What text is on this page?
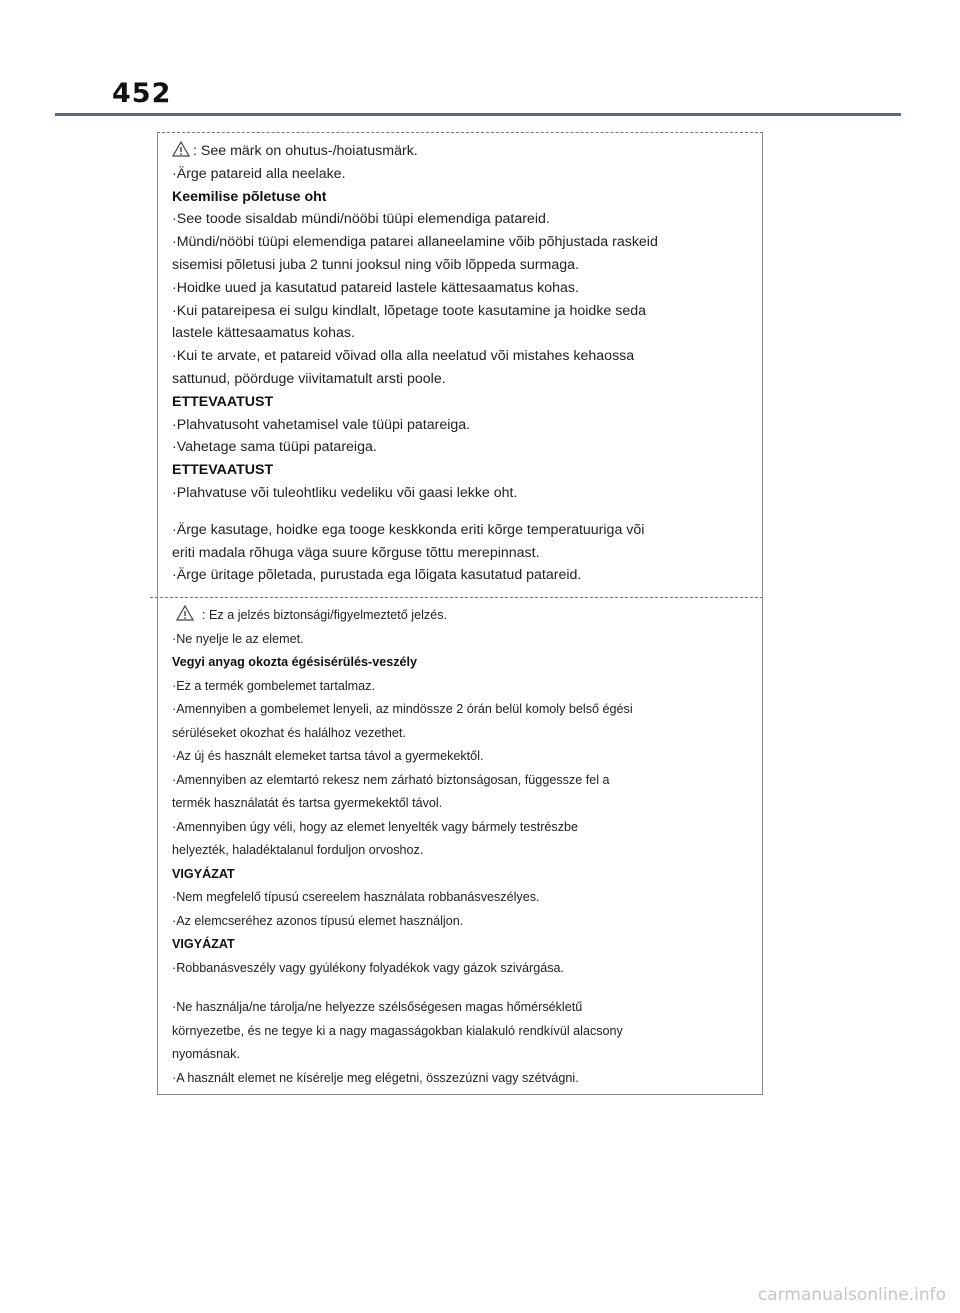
452
: See märk on ohutus-/hoiatusmärk.
·Ärge patareid alla neelake.
Keemilise põletuse oht
·See toode sisaldab mündi/nööbi tüüpi elemendiga patareid.
·Mündi/nööbi tüüpi elemendiga patarei allaneelamine võib põhjustada raskeid
sisemisi põletusi juba 2 tunni jooksul ning võib lõppeda surmaga.
·Hoidke uued ja kasutatud patareid lastele kättesaamatus kohas.
·Kui patareipesa ei sulgu kindlalt, lõpetage toote kasutamine ja hoidke seda
lastele kättesaamatus kohas.
·Kui te arvate, et patareid võivad olla alla neelatud või mistahes kehaossa
sattunud, pöörduge viivitamatult arsti poole.
ETTEVAATUST
·Plahvatusoht vahetamisel vale tüüpi patareiga.
·Vahetage sama tüüpi patareiga.
ETTEVAATUST
·Plahvatuse või tuleohtliku vedeliku või gaasi lekke oht.
·Ärge kasutage, hoidke ega tooge keskkonda eriti kõrge temperatuuriga või
eriti madala rõhuga väga suure kõrguse tõttu merepinnast.
·Ärge üritage põletada, purustada ega lõigata kasutatud patareid.
: Ez a jelzés biztonsági/figyelmeztető jelzés.
·Ne nyelje le az elemet.
Vegyi anyag okozta égésisérülés-veszély
·Ez a termék gombelemet tartalmaz.
·Amennyiben a gombelemet lenyeli, az mindössze 2 órán belül komoly belső égési
sérüléseket okozhat és halálhoz vezethet.
·Az új és használt elemeket tartsa távol a gyermekektől.
·Amennyiben az elemtartó rekesz nem zárható biztonságosan, függessze fel a
termék használatát és tartsa gyermekektől távol.
·Amennyiben úgy véli, hogy az elemet lenyelték vagy bármely testrészbe
helyezték, haladéktalanul forduljon orvoshoz.
VIGYÁZAT
·Nem megfelelő típusú csereelem használata robbanásveszélyes.
·Az elemcseréhez azonos típusú elemet használjon.
VIGYÁZAT
·Robbanásveszély vagy gyúlékony folyadékok vagy gázok szivárgása.
·Ne használja/ne tárolja/ne helyezze szélsőségesen magas hőmérsékletű
környezetbe, és ne tegye ki a nagy magasságokban kialakuló rendkívül alacsony
nyomásnak.
·A használt elemet ne kísérelje meg elégetni, összezúzni vagy szétvágni.
carmanualsonline.info
